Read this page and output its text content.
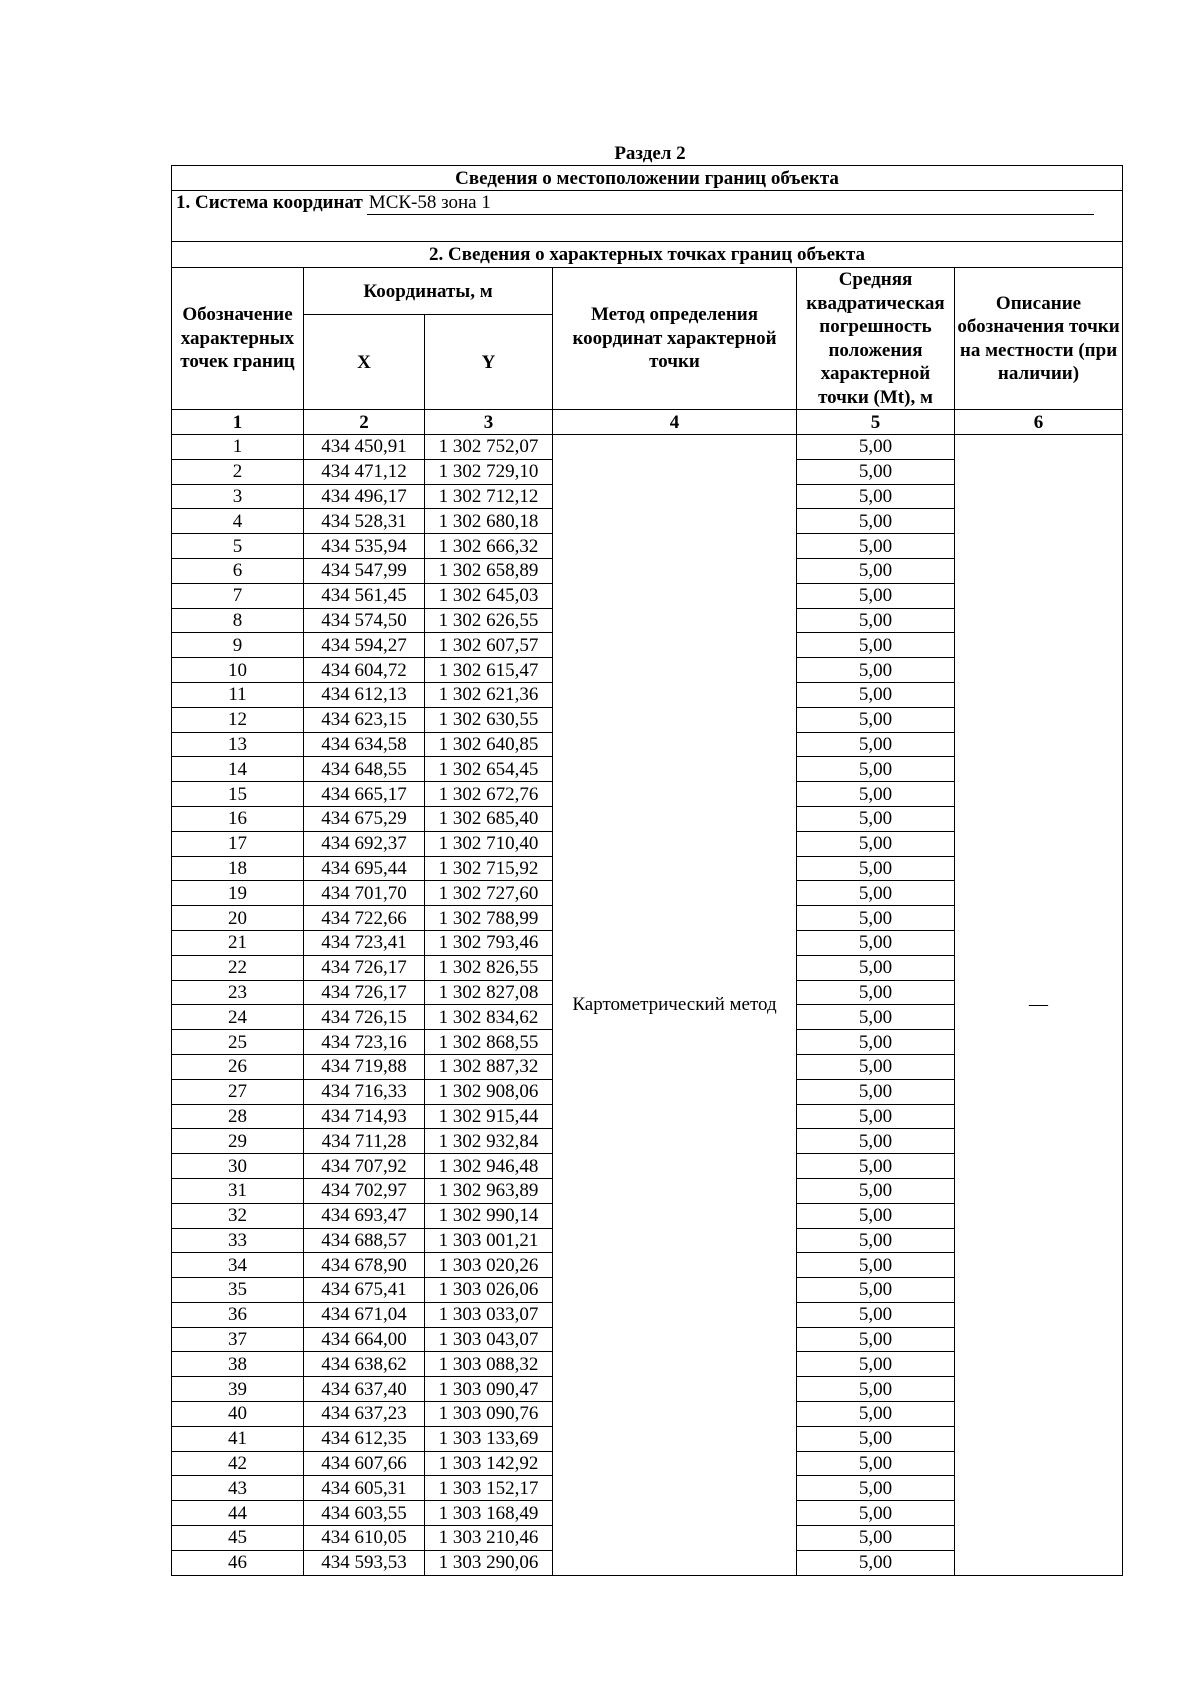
Раздел 2
Сведения о местоположении границ объекта					
1. Система координат МСК-58 зона 1					
2. Сведения о характерных точках границ объекта					
Обозначение характерных точек границ	Координаты, м		Метод определения координат характерной точки	Средняя квадратическая погрешность положения характерной точки (Mt), м	Описание обозначения точки на местности (при наличии)
	X	Y			
1	2	3	4	5	6
1	434 450,91	1 302 752,07	Картометрический метод	5,00	—
2	434 471,12	1 302 729,10		5,00	
3	434 496,17	1 302 712,12		5,00	
4	434 528,31	1 302 680,18		5,00	
5	434 535,94	1 302 666,32		5,00	
6	434 547,99	1 302 658,89		5,00	
7	434 561,45	1 302 645,03		5,00	
8	434 574,50	1 302 626,55		5,00	
9	434 594,27	1 302 607,57		5,00	
10	434 604,72	1 302 615,47		5,00	
11	434 612,13	1 302 621,36		5,00	
12	434 623,15	1 302 630,55		5,00	
13	434 634,58	1 302 640,85		5,00	
14	434 648,55	1 302 654,45		5,00	
15	434 665,17	1 302 672,76		5,00	
16	434 675,29	1 302 685,40		5,00	
17	434 692,37	1 302 710,40		5,00	
18	434 695,44	1 302 715,92		5,00	
19	434 701,70	1 302 727,60		5,00	
20	434 722,66	1 302 788,99		5,00	
21	434 723,41	1 302 793,46		5,00	
22	434 726,17	1 302 826,55		5,00	
23	434 726,17	1 302 827,08		5,00	
24	434 726,15	1 302 834,62		5,00	
25	434 723,16	1 302 868,55		5,00	
26	434 719,88	1 302 887,32		5,00	
27	434 716,33	1 302 908,06		5,00	
28	434 714,93	1 302 915,44		5,00	
29	434 711,28	1 302 932,84		5,00	
30	434 707,92	1 302 946,48		5,00	
31	434 702,97	1 302 963,89		5,00	
32	434 693,47	1 302 990,14		5,00	
33	434 688,57	1 303 001,21		5,00	
34	434 678,90	1 303 020,26		5,00	
35	434 675,41	1 303 026,06		5,00	
36	434 671,04	1 303 033,07		5,00	
37	434 664,00	1 303 043,07		5,00	
38	434 638,62	1 303 088,32		5,00	
39	434 637,40	1 303 090,47		5,00	
40	434 637,23	1 303 090,76		5,00	
41	434 612,35	1 303 133,69		5,00	
42	434 607,66	1 303 142,92		5,00	
43	434 605,31	1 303 152,17		5,00	
44	434 603,55	1 303 168,49		5,00	
45	434 610,05	1 303 210,46		5,00	
46	434 593,53	1 303 290,06		5,00	
